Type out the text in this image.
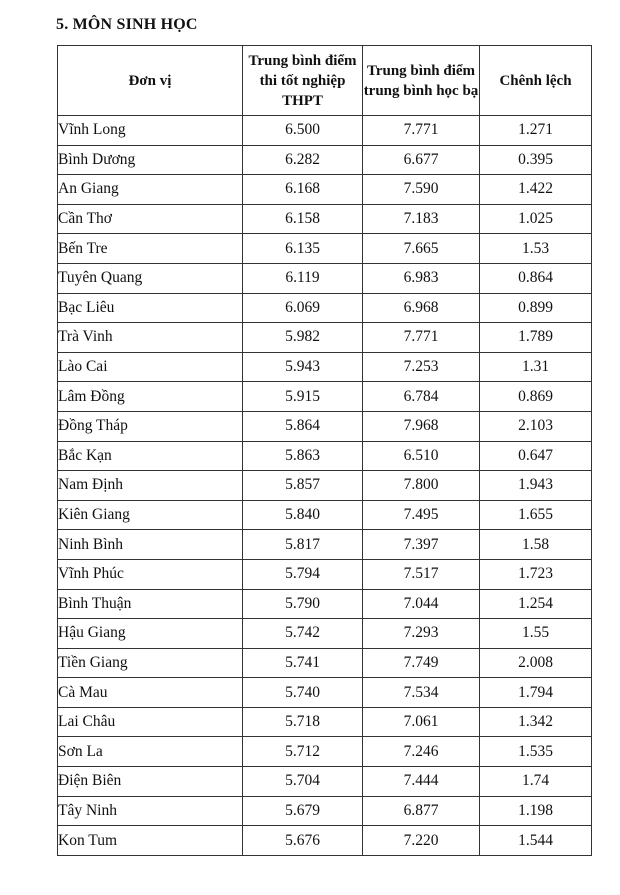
5. MÔN SINH HỌC
Đơn vị	Trung bình điểm thi tốt nghiệp THPT	Trung bình điểm trung bình học bạ	Chênh lệch
Vĩnh Long	6.500	7.771	1.271
Bình Dương	6.282	6.677	0.395
An Giang	6.168	7.590	1.422
Cần Thơ	6.158	7.183	1.025
Bến Tre	6.135	7.665	1.53
Tuyên Quang	6.119	6.983	0.864
Bạc Liêu	6.069	6.968	0.899
Trà Vinh	5.982	7.771	1.789
Lào Cai	5.943	7.253	1.31
Lâm Đồng	5.915	6.784	0.869
Đồng Tháp	5.864	7.968	2.103
Bắc Kạn	5.863	6.510	0.647
Nam Định	5.857	7.800	1.943
Kiên Giang	5.840	7.495	1.655
Ninh Bình	5.817	7.397	1.58
Vĩnh Phúc	5.794	7.517	1.723
Bình Thuận	5.790	7.044	1.254
Hậu Giang	5.742	7.293	1.55
Tiền Giang	5.741	7.749	2.008
Cà Mau	5.740	7.534	1.794
Lai Châu	5.718	7.061	1.342
Sơn La	5.712	7.246	1.535
Điện Biên	5.704	7.444	1.74
Tây Ninh	5.679	6.877	1.198
Kon Tum	5.676	7.220	1.544
